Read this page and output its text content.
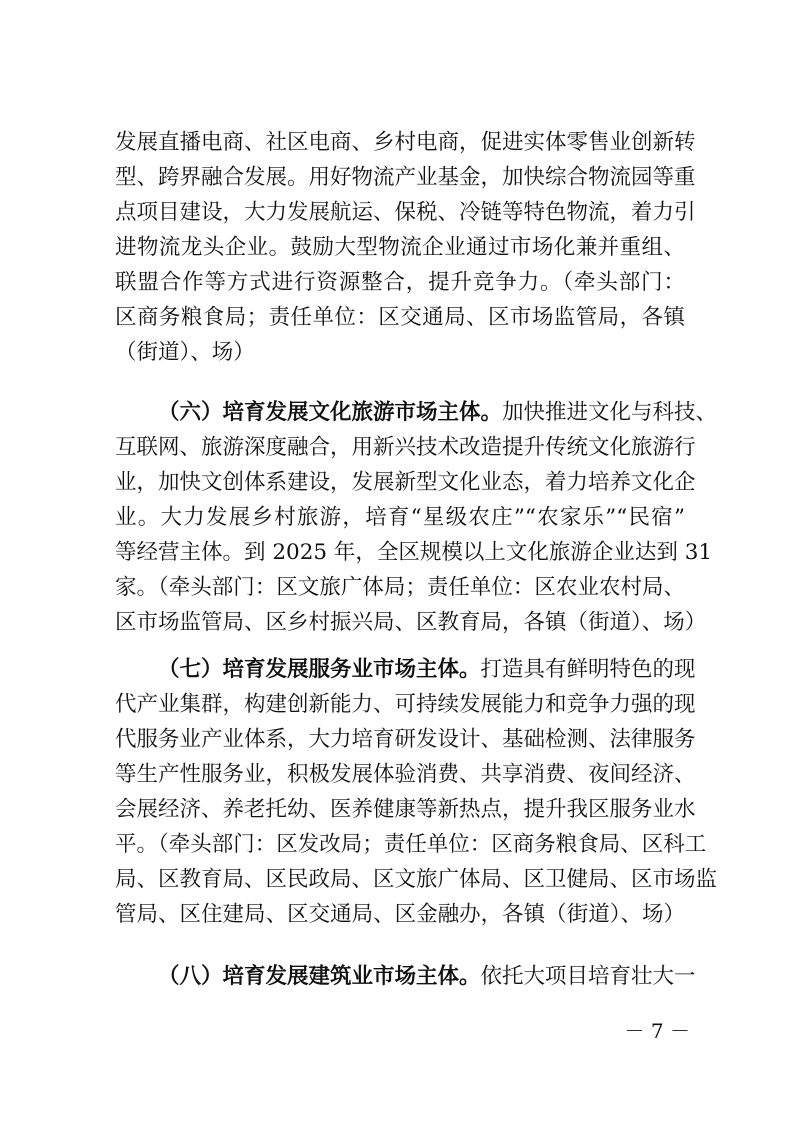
发展直播电商、社区电商、乡村电商，促进实体零售业创新转
型、跨界融合发展。用好物流产业基金，加快综合物流园等重
点项目建设，大力发展航运、保税、冷链等特色物流，着力引
进物流龙头企业。鼓励大型物流企业通过市场化兼并重组、
联盟合作等方式进行资源整合，提升竞争力。（牵头部门：
区商务粮食局；责任单位：区交通局、区市场监管局，各镇
（街道）、场）
（六）培育发展文化旅游市场主体。加快推进文化与科技、
互联网、旅游深度融合，用新兴技术改造提升传统文化旅游行
业，加快文创体系建设，发展新型文化业态，着力培养文化企
业。大力发展乡村旅游，培育“星级农庄”“农家乐”“民宿”
等经营主体。到 2025 年，全区规模以上文化旅游企业达到 31
家。（牵头部门：区文旅广体局；责任单位：区农业农村局、
区市场监管局、区乡村振兴局、区教育局，各镇（街道）、场）
（七）培育发展服务业市场主体。打造具有鲜明特色的现
代产业集群，构建创新能力、可持续发展能力和竞争力强的现
代服务业产业体系，大力培育研发设计、基础检测、法律服务
等生产性服务业，积极发展体验消费、共享消费、夜间经济、
会展经济、养老托幼、医养健康等新热点，提升我区服务业水
平。（牵头部门：区发改局；责任单位：区商务粮食局、区科工
局、区教育局、区民政局、区文旅广体局、区卫健局、区市场监
管局、区住建局、区交通局、区金融办，各镇（街道）、场）
（八）培育发展建筑业市场主体。依托大项目培育壮大一
－ 7 －
